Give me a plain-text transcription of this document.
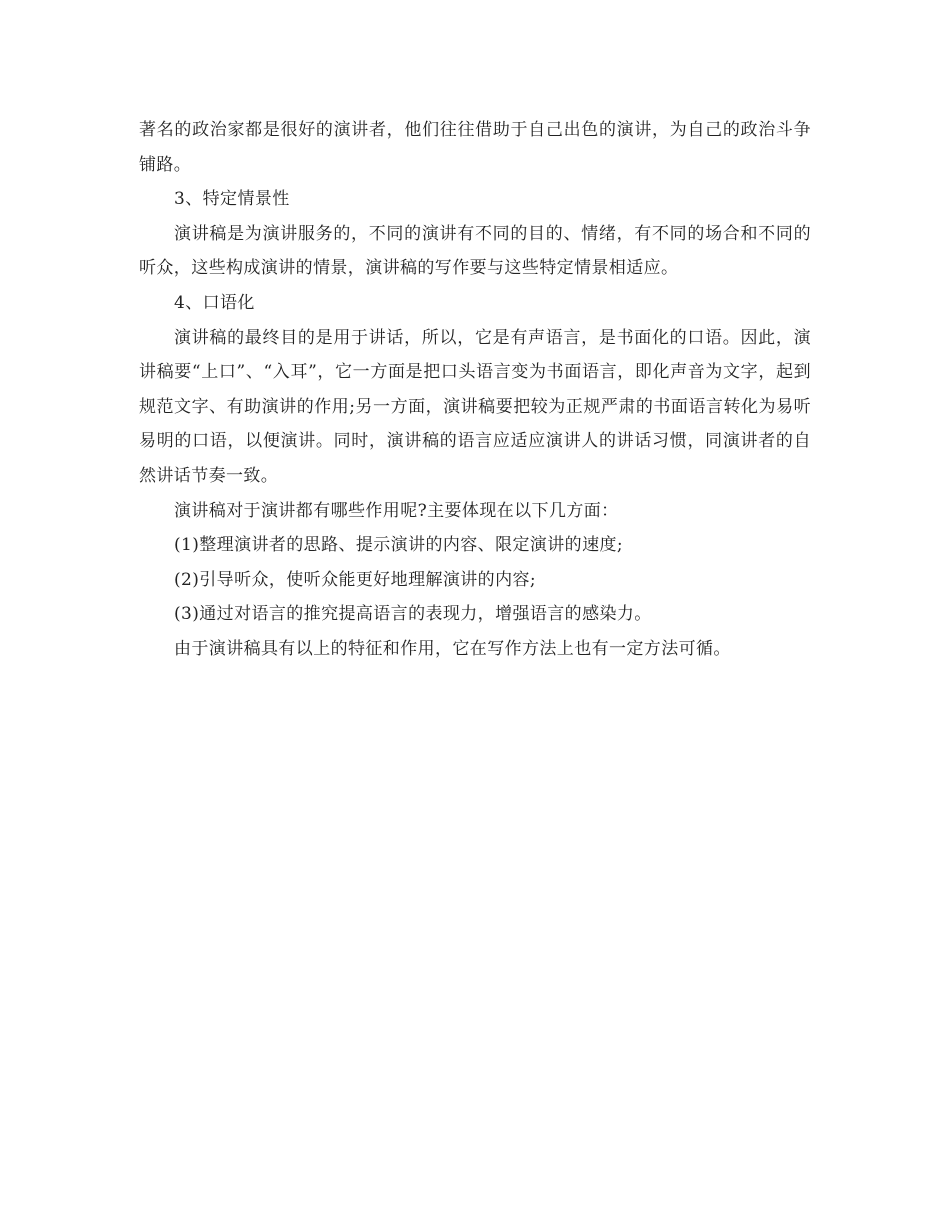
著名的政治家都是很好的演讲者，他们往往借助于自己出色的演讲，为自己的政治斗争铺路。

3、特定情景性

演讲稿是为演讲服务的，不同的演讲有不同的目的、情绪，有不同的场合和不同的听众，这些构成演讲的情景，演讲稿的写作要与这些特定情景相适应。

4、口语化

演讲稿的最终目的是用于讲话，所以，它是有声语言，是书面化的口语。因此，演讲稿要“上口”、“入耳”，它一方面是把口头语言变为书面语言，即化声音为文字，起到规范文字、有助演讲的作用;另一方面，演讲稿要把较为正规严肃的书面语言转化为易听易明的口语，以便演讲。同时，演讲稿的语言应适应演讲人的讲话习惯，同演讲者的自然讲话节奏一致。

演讲稿对于演讲都有哪些作用呢?主要体现在以下几方面：

(1)整理演讲者的思路、提示演讲的内容、限定演讲的速度;

(2)引导听众，使听众能更好地理解演讲的内容;

(3)通过对语言的推究提高语言的表现力，增强语言的感染力。

由于演讲稿具有以上的特征和作用，它在写作方法上也有一定方法可循。
